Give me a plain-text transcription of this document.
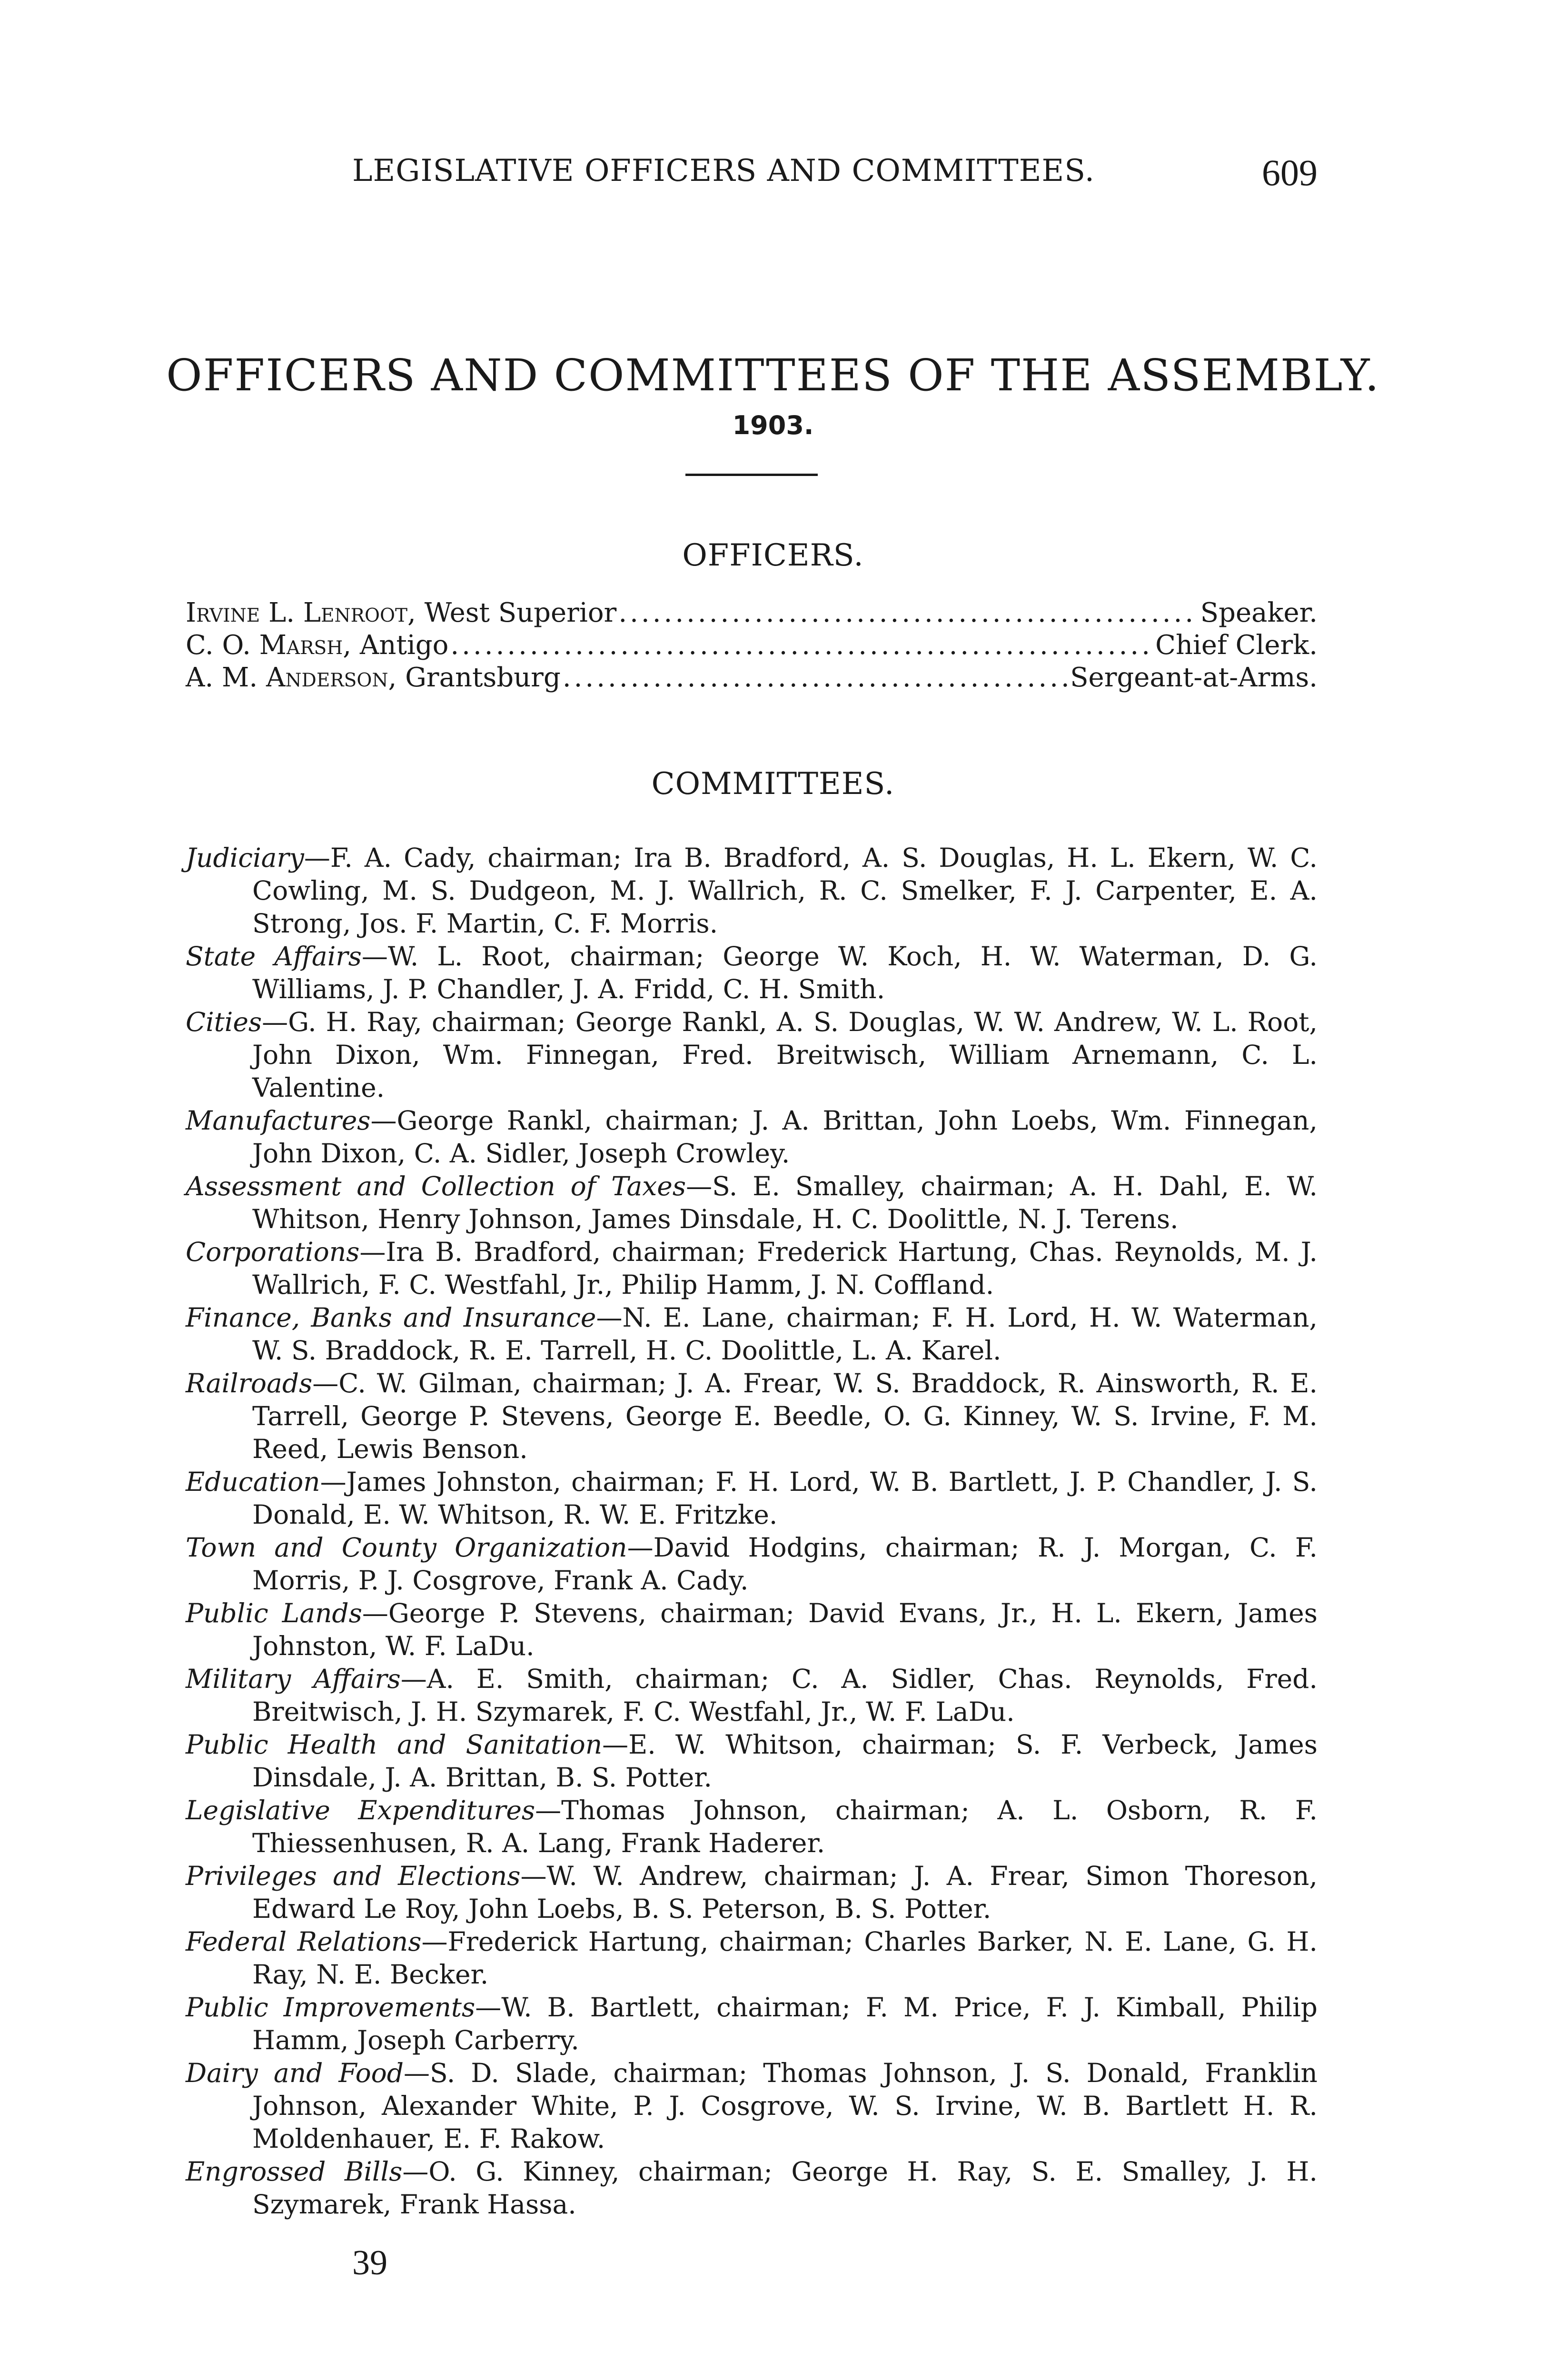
LEGISLATIVE OFFICERS AND COMMITTEES.	609
OFFICERS AND COMMITTEES OF THE ASSEMBLY.
1903.
OFFICERS.
Irvine L. Lenroot, West Superior .....	Speaker.
C. O. Marsh, Antigo .....	Chief Clerk.
A. M. Anderson, Grantsburg .....	Sergeant-at-Arms.
COMMITTEES.

Judiciary—F. A. Cady, chairman; Ira B. Bradford, A. S. Douglas, H. L. Ekern, W. C. Cowling, M. S. Dudgeon, M. J. Wallrich, R. C. Smelker, F. J. Carpenter, E. A. Strong, Jos. F. Martin, C. F. Morris.

State Affairs—W. L. Root, chairman; George W. Koch, H. W. Waterman, D. G. Williams, J. P. Chandler, J. A. Fridd, C. H. Smith.

Cities—G. H. Ray, chairman; George Rankl, A. S. Douglas, W. W. Andrew, W. L. Root, John Dixon, Wm. Finnegan, Fred. Breitwisch, William Arnemann, C. L. Valentine.

Manufactures—George Rankl, chairman; J. A. Brittan, John Loebs, Wm. Finnegan, John Dixon, C. A. Sidler, Joseph Crowley.

Assessment and Collection of Taxes—S. E. Smalley, chairman; A. H. Dahl, E. W. Whitson, Henry Johnson, James Dinsdale, H. C. Doolittle, N. J. Terens.

Corporations—Ira B. Bradford, chairman; Frederick Hartung, Chas. Reynolds, M. J. Wallrich, F. C. Westfahl, Jr., Philip Hamm, J. N. Coffland.

Finance, Banks and Insurance—N. E. Lane, chairman; F. H. Lord, H. W. Waterman, W. S. Braddock, R. E. Tarrell, H. C. Doolittle, L. A. Karel.

Railroads—C. W. Gilman, chairman; J. A. Frear, W. S. Braddock, R. Ainsworth, R. E. Tarrell, George P. Stevens, George E. Beedle, O. G. Kinney, W. S. Irvine, F. M. Reed, Lewis Benson.

Education—James Johnston, chairman; F. H. Lord, W. B. Bartlett, J. P. Chandler, J. S. Donald, E. W. Whitson, R. W. E. Fritzke.

Town and County Organization—David Hodgins, chairman; R. J. Morgan, C. F. Morris, P. J. Cosgrove, Frank A. Cady.

Public Lands—George P. Stevens, chairman; David Evans, Jr., H. L. Ekern, James Johnston, W. F. LaDu.

Military Affairs—A. E. Smith, chairman; C. A. Sidler, Chas. Reynolds, Fred. Breitwisch, J. H. Szymarek, F. C. Westfahl, Jr., W. F. LaDu.

Public Health and Sanitation—E. W. Whitson, chairman; S. F. Verbeck, James Dinsdale, J. A. Brittan, B. S. Potter.

Legislative Expenditures—Thomas Johnson, chairman; A. L. Osborn, R. F. Thiessenhusen, R. A. Lang, Frank Haderer.

Privileges and Elections—W. W. Andrew, chairman; J. A. Frear, Simon Thoreson, Edward Le Roy, John Loebs, B. S. Peterson, B. S. Potter.

Federal Relations—Frederick Hartung, chairman; Charles Barker, N. E. Lane, G. H. Ray, N. E. Becker.

Public Improvements—W. B. Bartlett, chairman; F. M. Price, F. J. Kimball, Philip Hamm, Joseph Carberry.

Dairy and Food—S. D. Slade, chairman; Thomas Johnson, J. S. Donald, Franklin Johnson, Alexander White, P. J. Cosgrove, W. S. Irvine, W. B. Bartlett H. R. Moldenhauer, E. F. Rakow.

Engrossed Bills—O. G. Kinney, chairman; George H. Ray, S. E. Smalley, J. H. Szymarek, Frank Hassa.

39
